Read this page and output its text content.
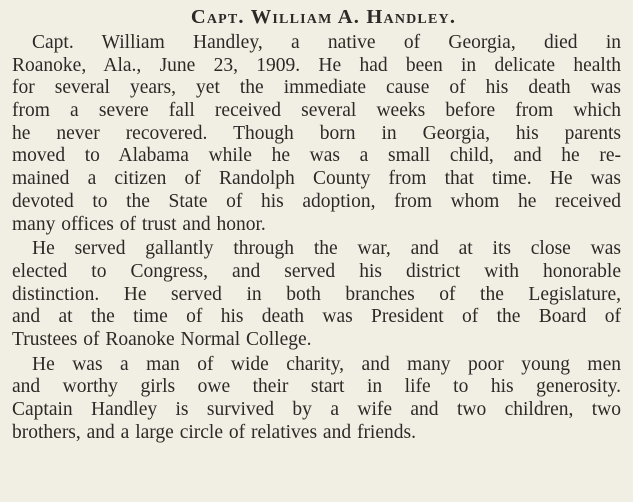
Capt. William A. Handley.
Capt. William Handley, a native of Georgia, died in
Roanoke, Ala., June 23, 1909. He had been in delicate health
for several years, yet the immediate cause of his death was
from a severe fall received several weeks before from which
he never recovered. Though born in Georgia, his parents
moved to Alabama while he was a small child, and he re-
mained a citizen of Randolph County from that time. He was
devoted to the State of his adoption, from whom he received
many offices of trust and honor.
He served gallantly through the war, and at its close was
elected to Congress, and served his district with honorable
distinction. He served in both branches of the Legislature,
and at the time of his death was President of the Board of
Trustees of Roanoke Normal College.
He was a man of wide charity, and many poor young men
and worthy girls owe their start in life to his generosity.
Captain Handley is survived by a wife and two children, two
brothers, and a large circle of relatives and friends.
